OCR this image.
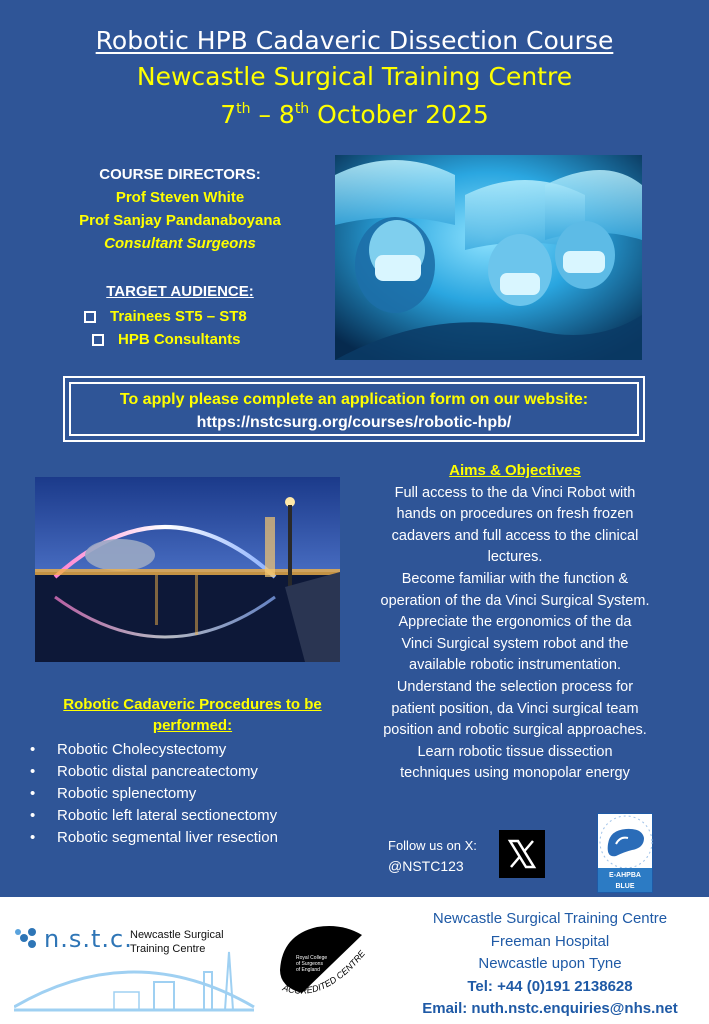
Robotic HPB Cadaveric Dissection Course
Newcastle Surgical Training Centre
7th – 8th October 2025
COURSE DIRECTORS:
Prof Steven White
Prof Sanjay Pandanaboyana
Consultant Surgeons
TARGET AUDIENCE:
Trainees ST5 – ST8
HPB Consultants
To apply please complete an application form on our website:
https://nstcsurg.org/courses/robotic-hpb/
Aims & Objectives
Full access to the da Vinci Robot with
hands on procedures on fresh frozen
cadavers and full access to the clinical
lectures.
Become familiar with the function &
operation of the da Vinci Surgical System.
Appreciate the ergonomics of the da
Vinci Surgical system robot and the
available robotic instrumentation.
Understand the selection process for
patient position, da Vinci surgical team
position and robotic surgical approaches.
Learn robotic tissue dissection
techniques using monopolar energy
Robotic Cadaveric Procedures to be
performed:
•	Robotic Cholecystectomy
•	Robotic distal pancreatectomy
•	Robotic splenectomy
•	Robotic left lateral sectionectomy
•	Robotic segmental liver resection	Follow us on X:
@NSTC123
E-AHPBA
BLUE
n.s.t.c.
Newcastle Surgical
Training Centre
Royal College
of Surgeons
of England
ACCREDITED CENTRE
Newcastle Surgical Training Centre
Freeman Hospital
Newcastle upon Tyne
Tel: +44 (0)191 2138628
Email: nuth.nstc.enquiries@nhs.net
